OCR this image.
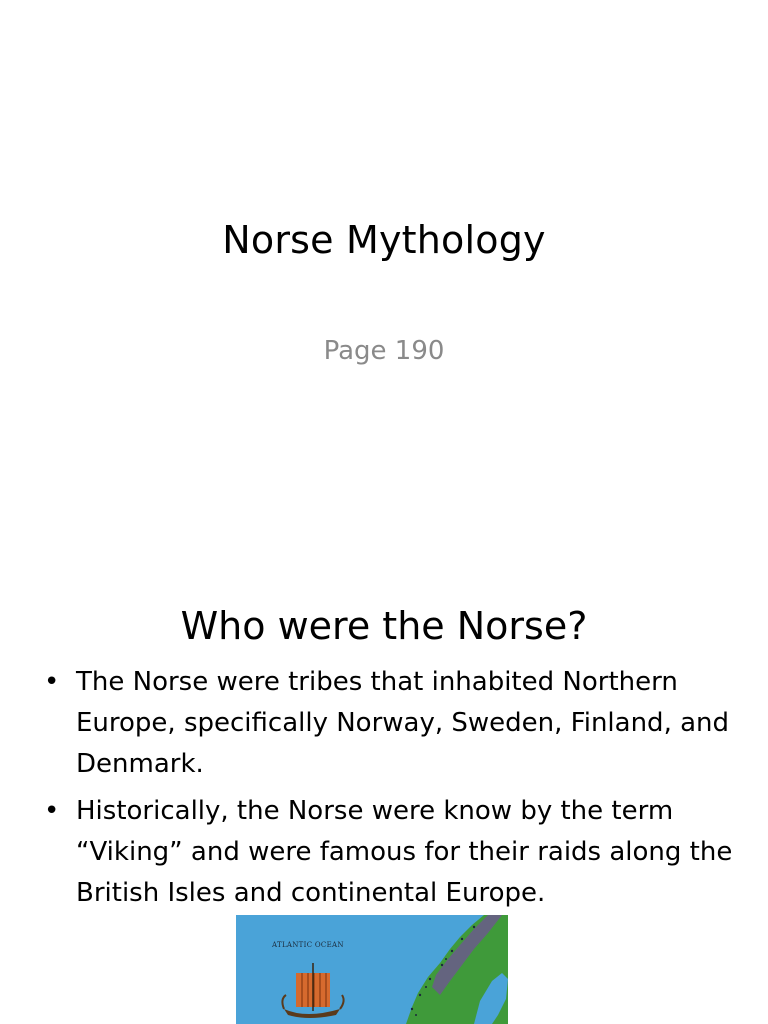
Norse Mythology
Page 190
Who were the Norse?
• The Norse were tribes that inhabited Northern Europe, specifically Norway, Sweden, Finland, and Denmark.
• Historically, the Norse were know by the term “Viking” and were famous for their raids along the British Isles and continental Europe.
ATLANTIC OCEAN
